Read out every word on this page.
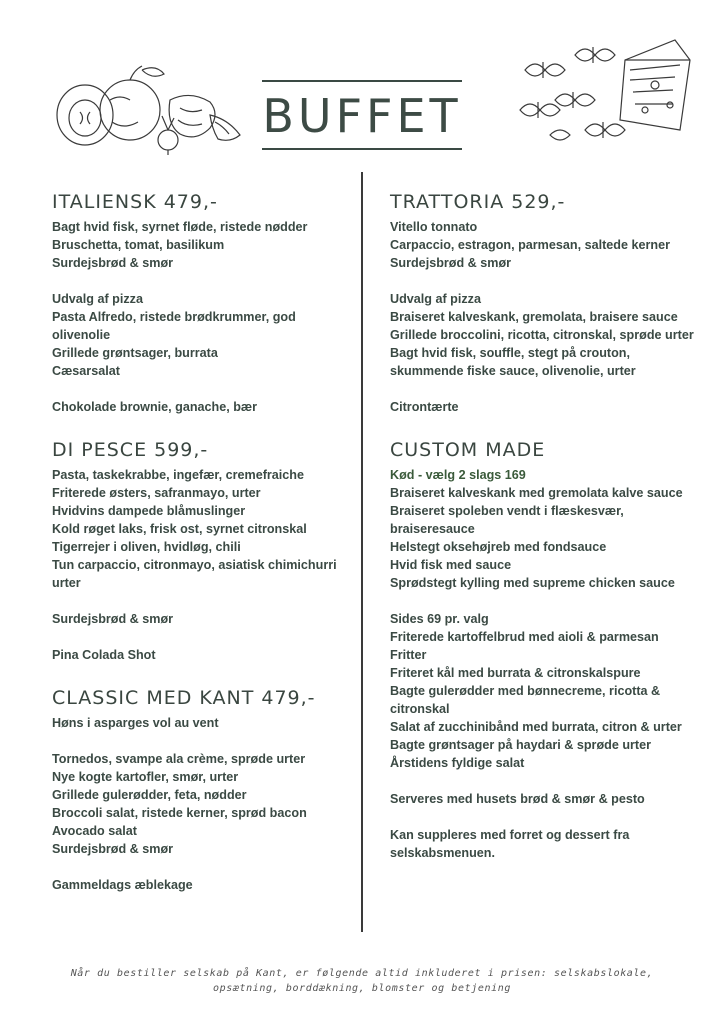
BUFFET
ITALIENSK 479,-

Bagt hvid fisk, syrnet fløde, ristede nødder

Bruschetta, tomat, basilikum

Surdejsbrød & smør

Udvalg af pizza

Pasta Alfredo, ristede brødkrummer, god olivenolie

Grillede grøntsager, burrata

Cæsarsalat

Chokolade brownie, ganache, bær

DI PESCE 599,-

Pasta, taskekrabbe, ingefær, cremefraiche

Friterede østers, safranmayo, urter

Hvidvins dampede blåmuslinger

Kold røget laks, frisk ost, syrnet citronskal

Tigerrejer i oliven, hvidløg, chili

Tun carpaccio, citronmayo, asiatisk chimichurri urter

Surdejsbrød & smør

Pina Colada Shot

CLASSIC MED KANT 479,-

Høns i asparges vol au vent

Tornedos, svampe ala crème, sprøde urter

Nye kogte kartofler, smør, urter

Grillede gulerødder, feta, nødder

Broccoli salat, ristede kerner, sprød bacon

Avocado salat

Surdejsbrød & smør

Gammeldags æblekage

TRATTORIA 529,-

Vitello tonnato

Carpaccio, estragon, parmesan, saltede kerner

Surdejsbrød & smør

Udvalg af pizza

Braiseret kalveskank, gremolata, braisere sauce

Grillede broccolini, ricotta, citronskal, sprøde urter

Bagt hvid fisk, souffle, stegt på crouton, skummende fiske sauce, olivenolie, urter

Citrontærte

CUSTOM MADE

Kød - vælg 2 slags 169

Braiseret kalveskank med gremolata kalve sauce

Braiseret spoleben vendt i flæskesvær, braiseresauce

Helstegt oksehøjreb med fondsauce

Hvid fisk med sauce

Sprødstegt kylling med supreme chicken sauce

Sides 69 pr. valg

Friterede kartoffelbrud med aioli & parmesan

Fritter

Friteret kål med burrata & citronskalspure

Bagte gulerødder med bønnecreme, ricotta & citronskal

Salat af zucchinibånd med burrata, citron & urter

Bagte grøntsager på haydari & sprøde urter

Årstidens fyldige salat

Serveres med husets brød & smør & pesto

Kan suppleres med forret og dessert fra selskabsmenuen.

Når du bestiller selskab på Kant, er følgende altid inkluderet i prisen: selskabslokale, opsætning, borddækning, blomster og betjening
